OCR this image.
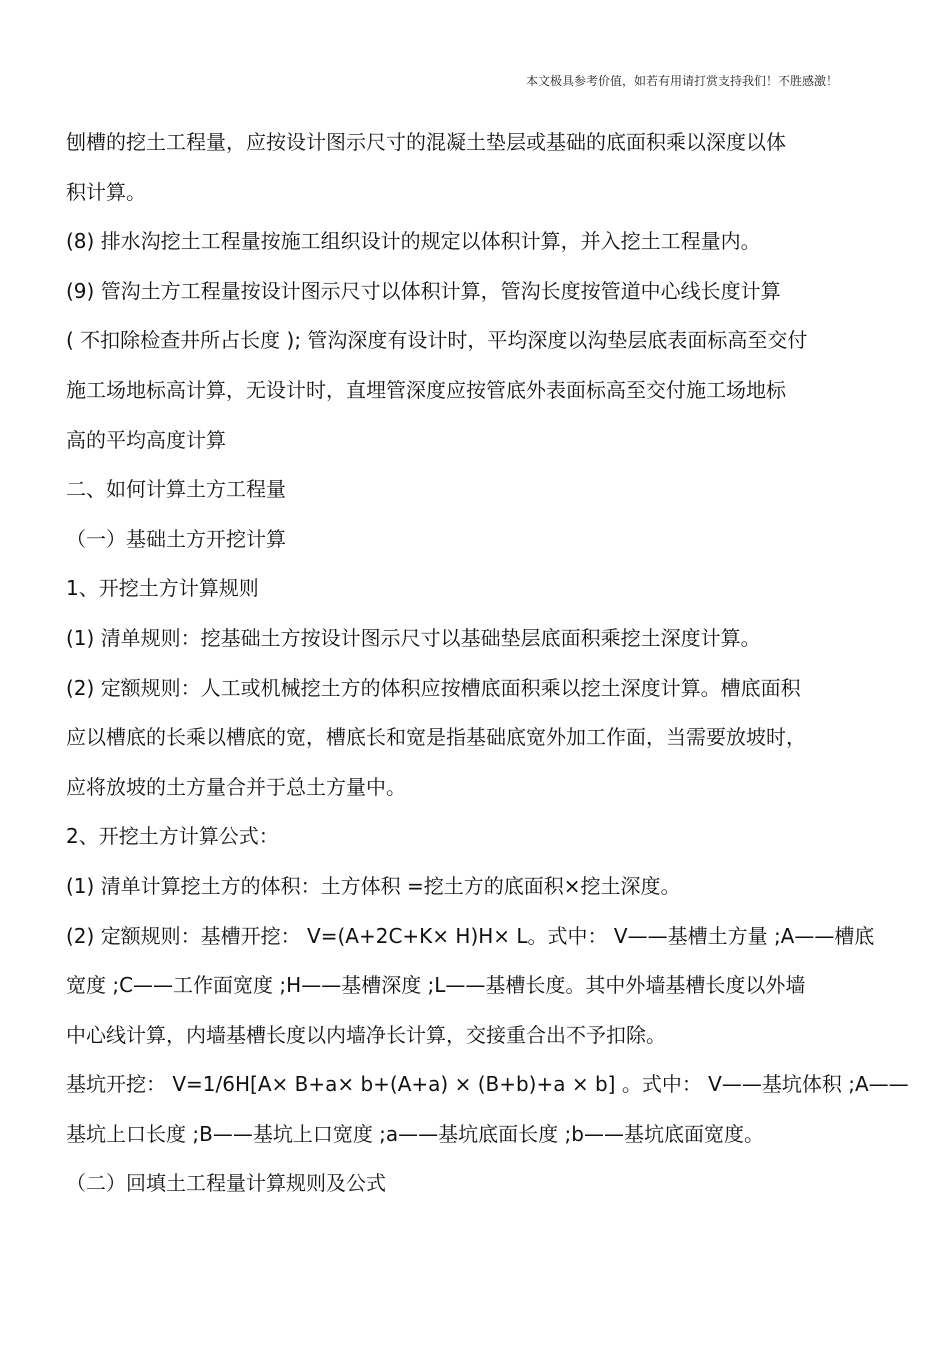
本文极具参考价值，如若有用请打赏支持我们！不胜感激！
刨槽的挖土工程量，应按设计图示尺寸的混凝土垫层或基础的底面积乘以深度以体
积计算。
(8) 排水沟挖土工程量按施工组织设计的规定以体积计算，并入挖土工程量内。
(9) 管沟土方工程量按设计图示尺寸以体积计算，管沟长度按管道中心线长度计算
( 不扣除检查井所占长度 ); 管沟深度有设计时，平均深度以沟垫层底表面标高至交付
施工场地标高计算，无设计时，直埋管深度应按管底外表面标高至交付施工场地标
高的平均高度计算
二、如何计算土方工程量
（一）基础土方开挖计算
1、开挖土方计算规则
(1) 清单规则：挖基础土方按设计图示尺寸以基础垫层底面积乘挖土深度计算。
(2) 定额规则：人工或机械挖土方的体积应按槽底面积乘以挖土深度计算。槽底面积
应以槽底的长乘以槽底的宽，槽底长和宽是指基础底宽外加工作面，当需要放坡时，
应将放坡的土方量合并于总土方量中。
2、开挖土方计算公式：
(1) 清单计算挖土方的体积：土方体积 =挖土方的底面积×挖土深度。
(2) 定额规则：基槽开挖： V=(A+2C+K× H)H× L。式中： V——基槽土方量 ;A——槽底
宽度 ;C——工作面宽度 ;H——基槽深度 ;L——基槽长度。其中外墙基槽长度以外墙
中心线计算，内墙基槽长度以内墙净长计算，交接重合出不予扣除。
基坑开挖： V=1/6H[A× B+a× b+(A+a) × (B+b)+a × b] 。式中： V——基坑体积 ;A——
基坑上口长度 ;B——基坑上口宽度 ;a——基坑底面长度 ;b——基坑底面宽度。
（二）回填土工程量计算规则及公式
